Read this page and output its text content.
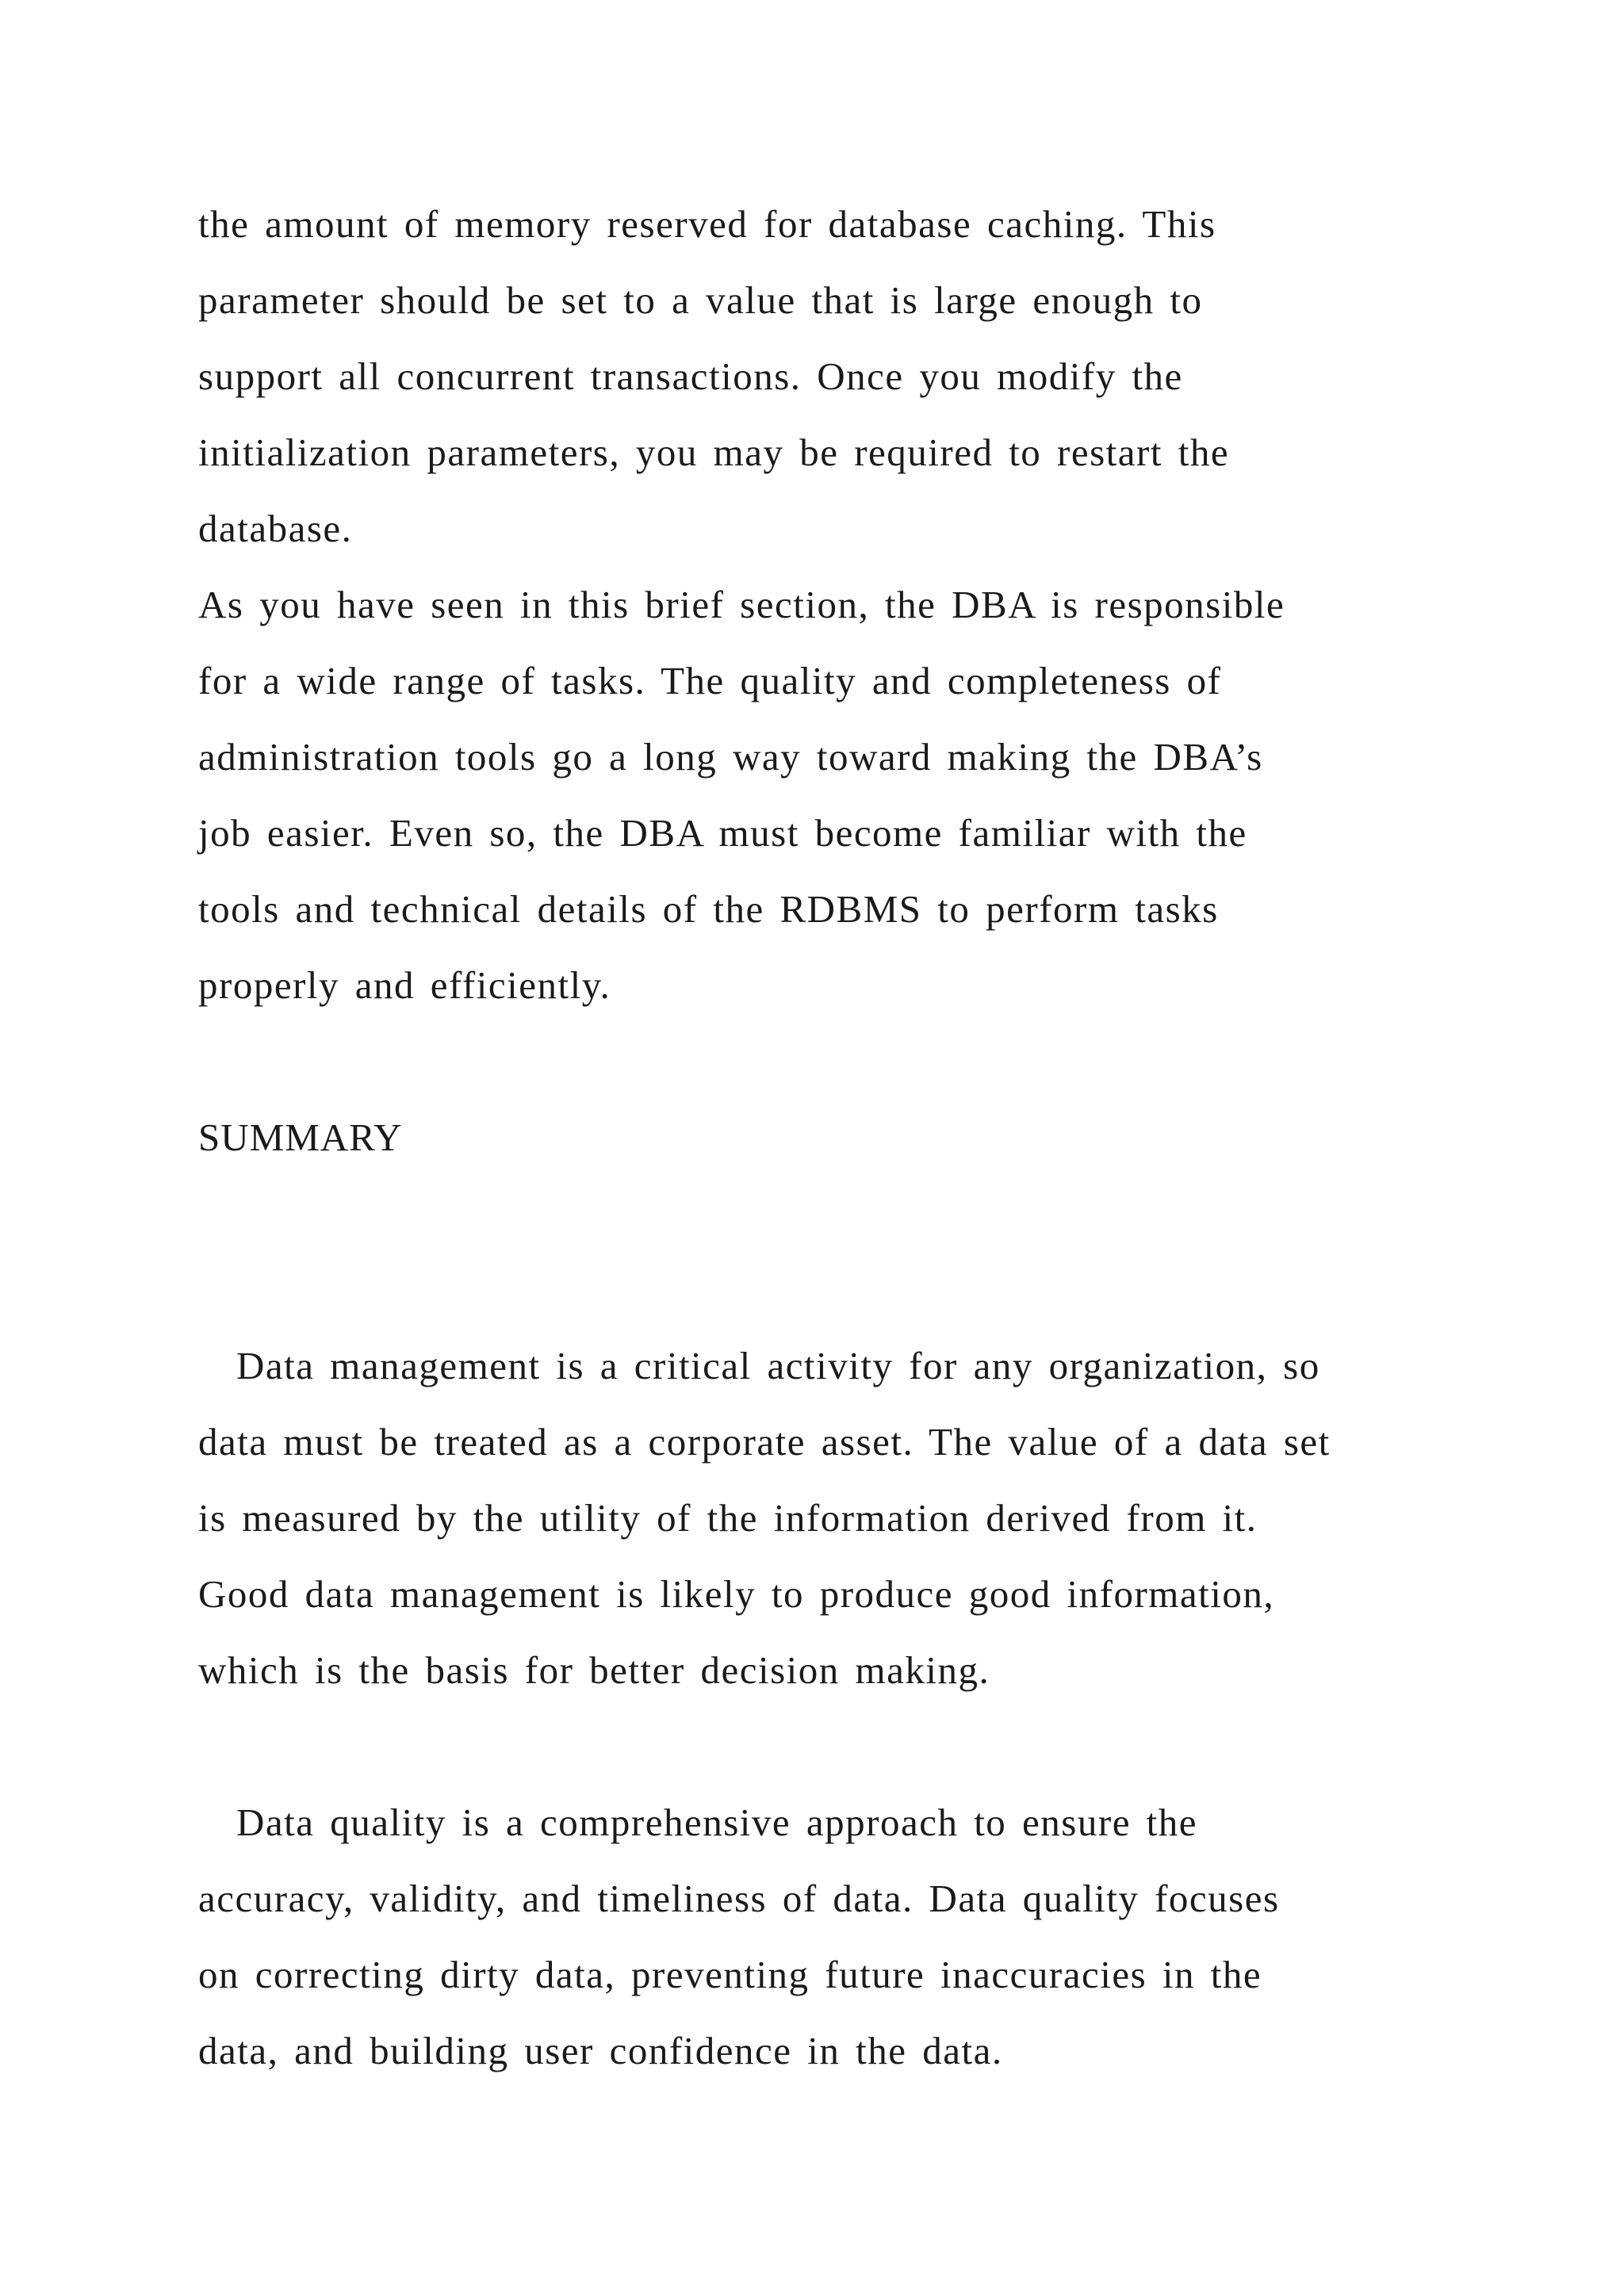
the amount of memory reserved for database caching. This
parameter should be set to a value that is large enough to
support all concurrent transactions. Once you modify the
initialization parameters, you may be required to restart the
database.
As you have seen in this brief section, the DBA is responsible
for a wide range of tasks. The quality and completeness of
administration tools go a long way toward making the DBA’s
job easier. Even so, the DBA must become familiar with the
tools and technical details of the RDBMS to perform tasks
properly and efficiently.
SUMMARY
Data management is a critical activity for any organization, so
data must be treated as a corporate asset. The value of a data set
is measured by the utility of the information derived from it.
Good data management is likely to produce good information,
which is the basis for better decision making.
Data quality is a comprehensive approach to ensure the
accuracy, validity, and timeliness of data. Data quality focuses
on correcting dirty data, preventing future inaccuracies in the
data, and building user confidence in the data.
